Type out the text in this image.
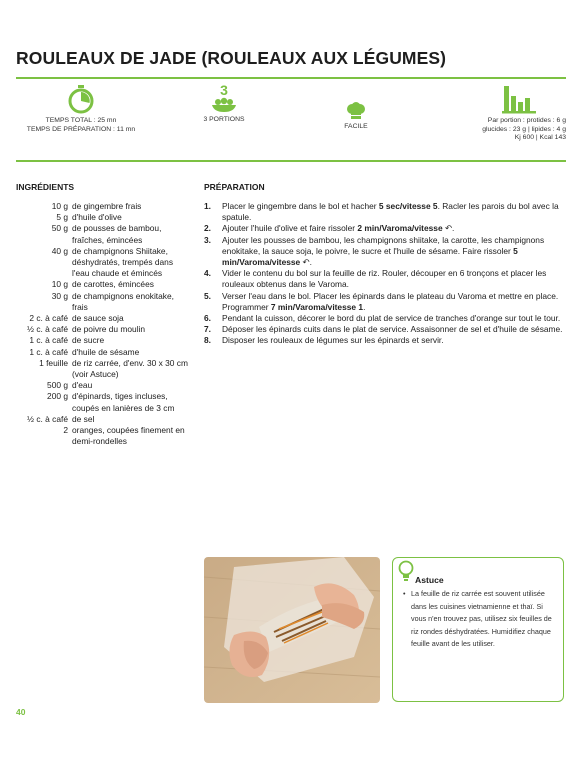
ROULEAUX DE JADE (ROULEAUX AUX LÉGUMES)
TEMPS TOTAL : 25 mn
TEMPS DE PRÉPARATION : 11 mn
3
3 PORTIONS
FACILE
Par portion : protides : 6 g
glucides : 23 g | lipides : 4 g
Kj 600 | Kcal 143
INGRÉDIENTS	PRÉPARATION
10 g de gingembre frais
5 g d'huile d'olive
50 g de pousses de bambou, fraîches, émincées
40 g de champignons Shiitake, déshydratés, trempés dans l'eau chaude et émincés
10 g de carottes, émincées
30 g de champignons enokitake, frais
2 c. à café de sauce soja
½ c. à café de poivre du moulin
1 c. à café de sucre
1 c. à café d'huile de sésame
1 feuille de riz carrée, d'env. 30 x 30 cm (voir Astuce)
500 g d'eau
200 g d'épinards, tiges incluses, coupés en lanières de 3 cm
½ c. à café de sel
2 oranges, coupées finement en demi-rondelles
1.	Placer le gingembre dans le bol et hacher 5 sec/vitesse 5. Racler les parois du bol avec la spatule.
2.	Ajouter l'huile d'olive et faire rissoler 2 min/Varoma/vitesse ↶.
3.	Ajouter les pousses de bambou, les champignons shiitake, la carotte, les champignons enokitake, la sauce soja, le poivre, le sucre et l'huile de sésame. Faire rissoler 5 min/Varoma/vitesse ↶.
4.	Vider le contenu du bol sur la feuille de riz. Rouler, découper en 6 tronçons et placer les rouleaux obtenus dans le Varoma.
5.	Verser l'eau dans le bol. Placer les épinards dans le plateau du Varoma et mettre en place. Programmer 7 min/Varoma/vitesse 1.
6.	Pendant la cuisson, décorer le bord du plat de service de tranches d'orange sur tout le tour.
7.	Déposer les épinards cuits dans le plat de service. Assaisonner de sel et d'huile de sésame.
8.	Disposer les rouleaux de légumes sur les épinards et servir.
Astuce
• La feuille de riz carrée est souvent utilisée dans les cuisines vietnamienne et thaï. Si vous n'en trouvez pas, utilisez six feuilles de riz rondes déshydratées. Humidifiez chaque feuille avant de les utiliser.
40
